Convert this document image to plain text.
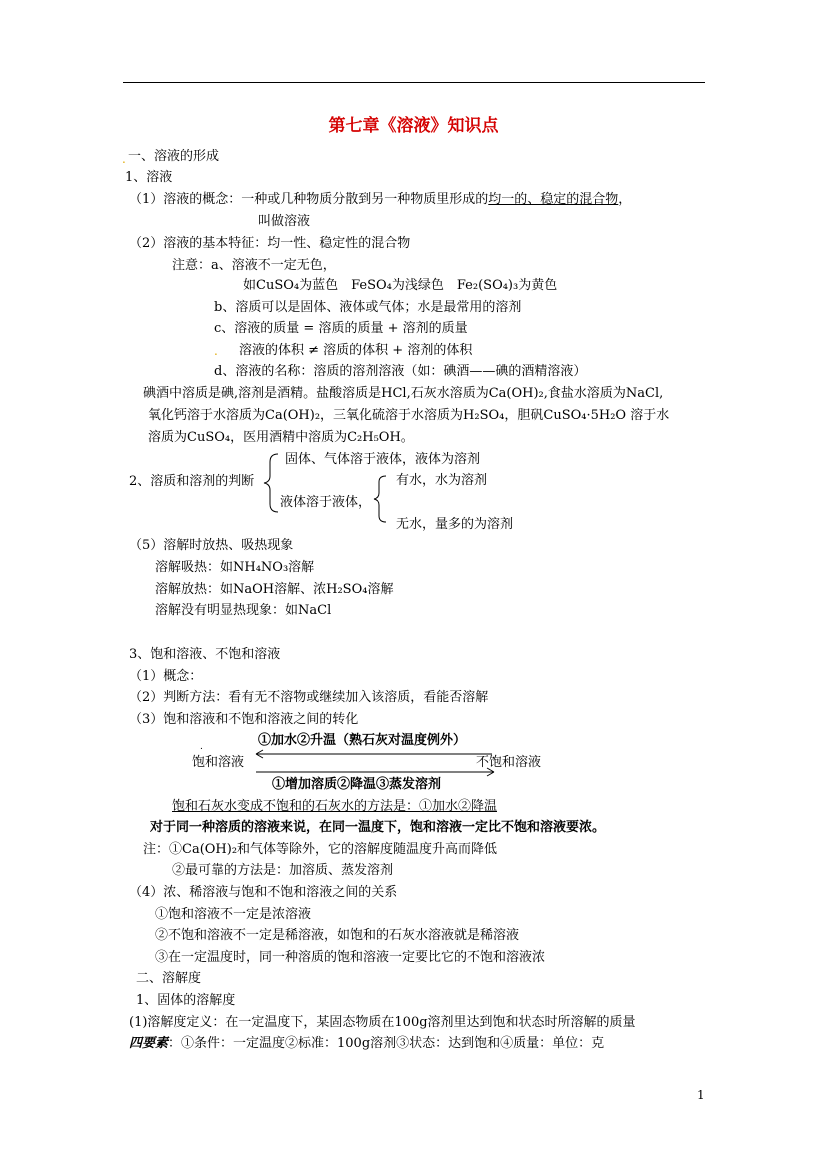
第七章《溶液》知识点
. 一、溶液的形成
1、溶液
（1）溶液的概念：一种或几种物质分散到另一种物质里形成的均一的、稳定的混合物，
叫做溶液
（2）溶液的基本特征：均一性、稳定性的混合物
注意：a、溶液不一定无色，
如CuSO₄为蓝色　FeSO₄为浅绿色　Fe₂(SO₄)₃为黄色
b、溶质可以是固体、液体或气体；水是最常用的溶剂
c、溶液的质量 = 溶质的质量 + 溶剂的质量
. 溶液的体积 ≠ 溶质的体积 + 溶剂的体积
d、溶液的名称：溶质的溶剂溶液（如：碘酒——碘的酒精溶液）
碘酒中溶质是碘,溶剂是酒精。盐酸溶质是HCl,石灰水溶质为Ca(OH)₂,食盐水溶质为NaCl,
氧化钙溶于水溶质为Ca(OH)₂，三氧化硫溶于水溶质为H₂SO₄，胆矾CuSO₄·5H₂O 溶于水
溶质为CuSO₄，医用酒精中溶质为C₂H₅OH。
固体、气体溶于液体，液体为溶剂
有水，水为溶剂
2、溶质和溶剂的判断
液体溶于液体，
无水，量多的为溶剂
（5）溶解时放热、吸热现象
溶解吸热：如NH₄NO₃溶解
溶解放热：如NaOH溶解、浓H₂SO₄溶解
溶解没有明显热现象：如NaCl
3、饱和溶液、不饱和溶液
（1）概念：
（2）判断方法：看有无不溶物或继续加入该溶质，看能否溶解
（3）饱和溶液和不饱和溶液之间的转化
①加水②升温（熟石灰对温度例外）
.
饱和溶液	不饱和溶液
①增加溶质②降温③蒸发溶剂
饱和石灰水变成不饱和的石灰水的方法是：①加水②降温
对于同一种溶质的溶液来说，在同一温度下，饱和溶液一定比不饱和溶液要浓。
注：①Ca(OH)₂和气体等除外，它的溶解度随温度升高而降低
②最可靠的方法是：加溶质、蒸发溶剂
（4）浓、稀溶液与饱和不饱和溶液之间的关系
①饱和溶液不一定是浓溶液
②不饱和溶液不一定是稀溶液，如饱和的石灰水溶液就是稀溶液
③在一定温度时，同一种溶质的饱和溶液一定要比它的不饱和溶液浓
二、溶解度
1、固体的溶解度
(1)溶解度定义：在一定温度下，某固态物质在100g溶剂里达到饱和状态时所溶解的质量
四要素：①条件：一定温度②标准：100g溶剂③状态：达到饱和④质量：单位：克
1
